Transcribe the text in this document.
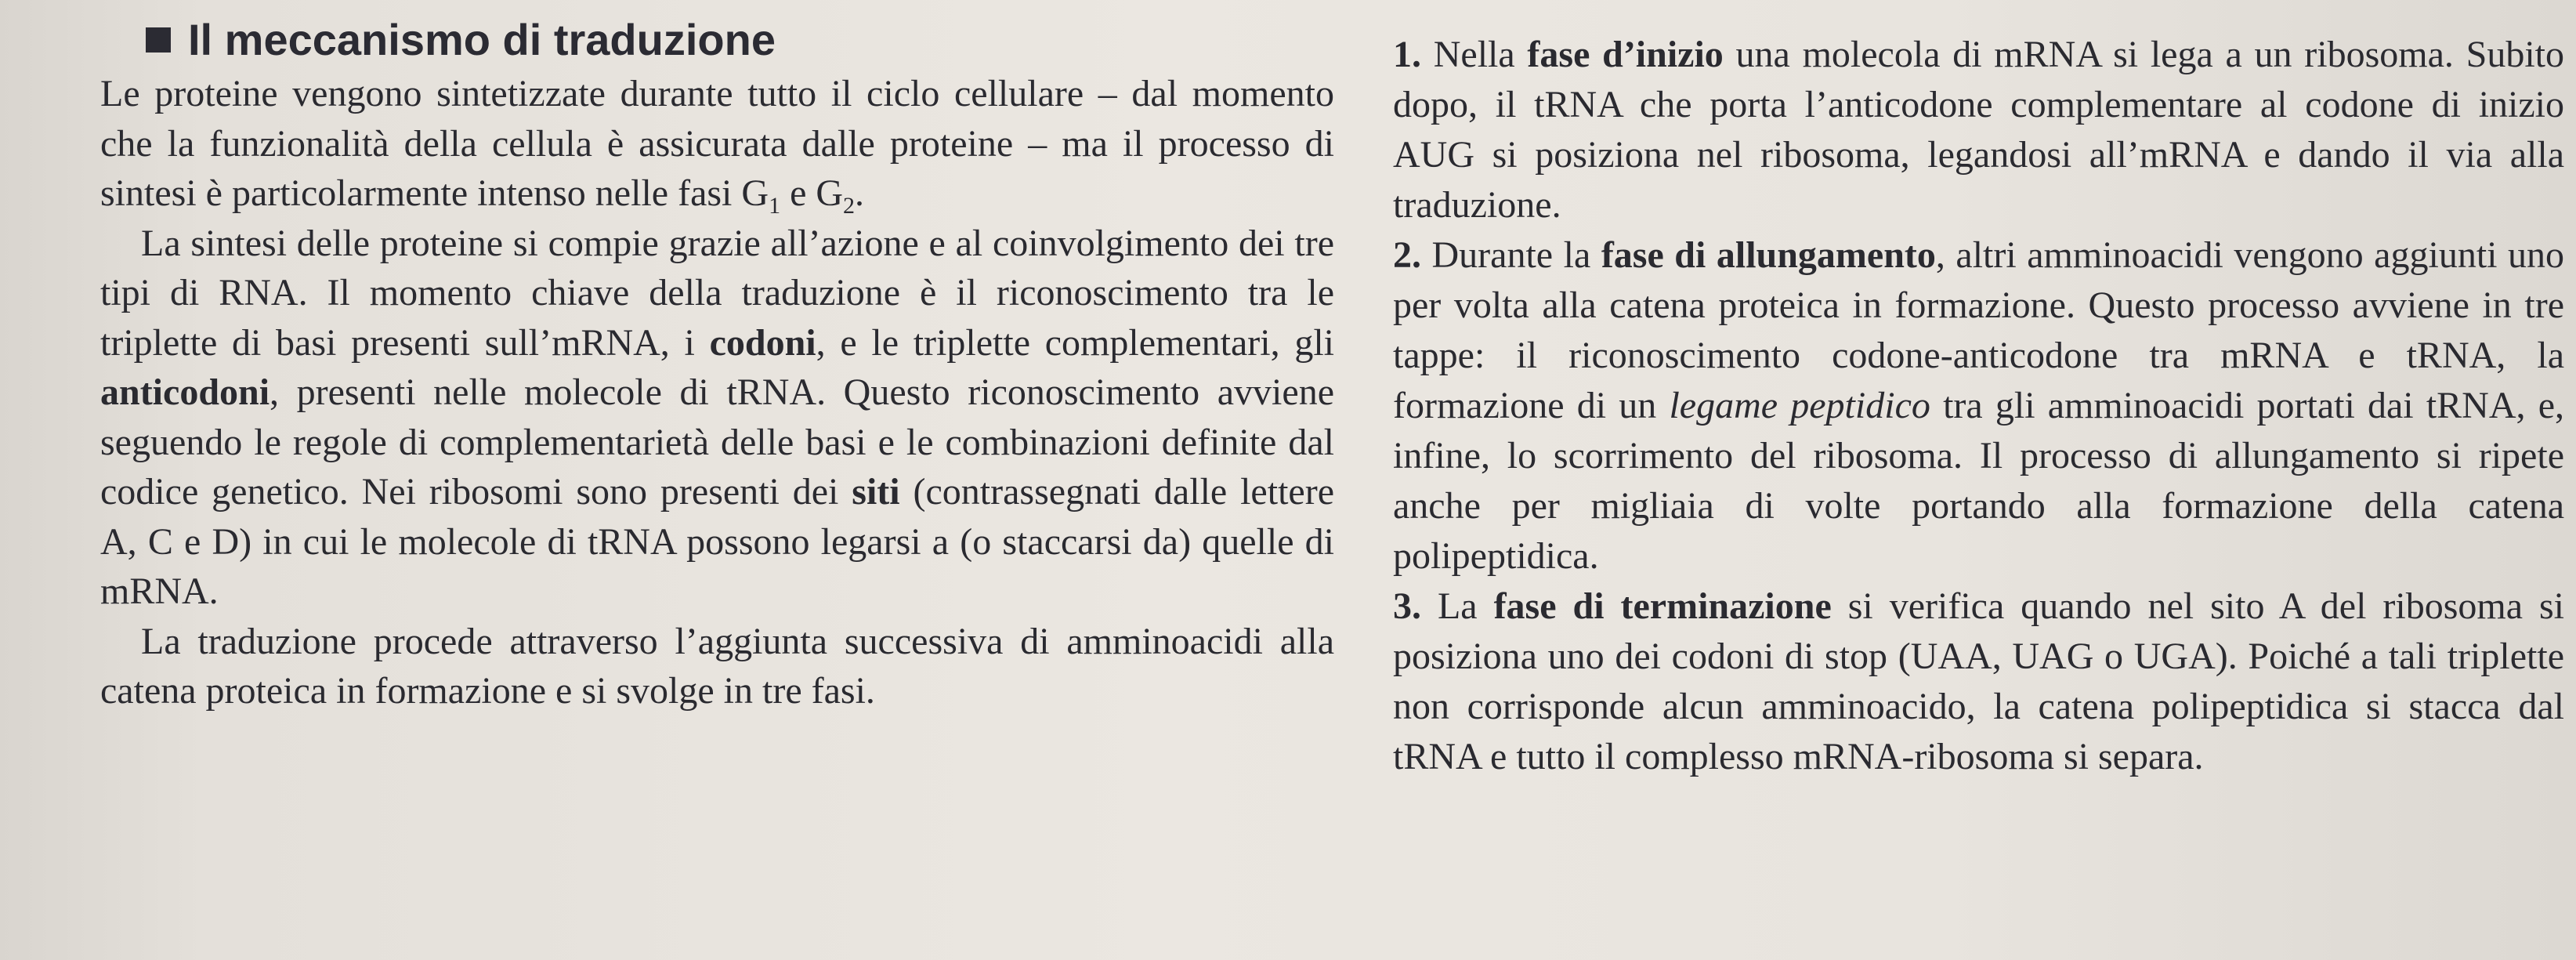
Il meccanismo di traduzione

Le proteine vengono sintetizzate durante tutto il ciclo cellulare – dal momento che la funzionalità della cellula è assicurata dalle proteine – ma il processo di sintesi è particolarmente intenso nelle fasi $G_1$ e $G_2$.

La sintesi delle proteine si compie grazie all’azione e al coinvolgimento dei tre tipi di RNA. Il momento chiave della traduzione è il riconoscimento tra le triplette di basi presenti sull’mRNA, i codoni, e le triplette complementari, gli anticodoni, presenti nelle molecole di tRNA. Questo riconoscimento avviene seguendo le regole di complementarietà delle basi e le combinazioni definite dal codice genetico. Nei ribosomi sono presenti dei siti (contrassegnati dalle lettere A, C e D) in cui le molecole di tRNA possono legarsi a (o staccarsi da) quelle di mRNA.

La traduzione procede attraverso l’aggiunta successiva di amminoacidi alla catena proteica in formazione e si svolge in tre fasi.

1. Nella fase d’inizio una molecola di mRNA si lega a un ribosoma. Subito dopo, il tRNA che porta l’anticodone complementare al codone di inizio AUG si posiziona nel ribosoma, legandosi all’mRNA e dando il via alla traduzione.

2. Durante la fase di allungamento, altri amminoacidi vengono aggiunti uno per volta alla catena proteica in formazione. Questo processo avviene in tre tappe: il riconoscimento codone-anticodone tra mRNA e tRNA, la formazione di un legame peptidico tra gli amminoacidi portati dai tRNA, e, infine, lo scorrimento del ribosoma. Il processo di allungamento si ripete anche per migliaia di volte portando alla formazione della catena polipeptidica.

3. La fase di terminazione si verifica quando nel sito A del ribosoma si posiziona uno dei codoni di stop (UAA, UAG o UGA). Poiché a tali triplette non corrisponde alcun amminoacido, la catena polipeptidica si stacca dal tRNA e tutto il complesso mRNA-ribosoma si separa.
